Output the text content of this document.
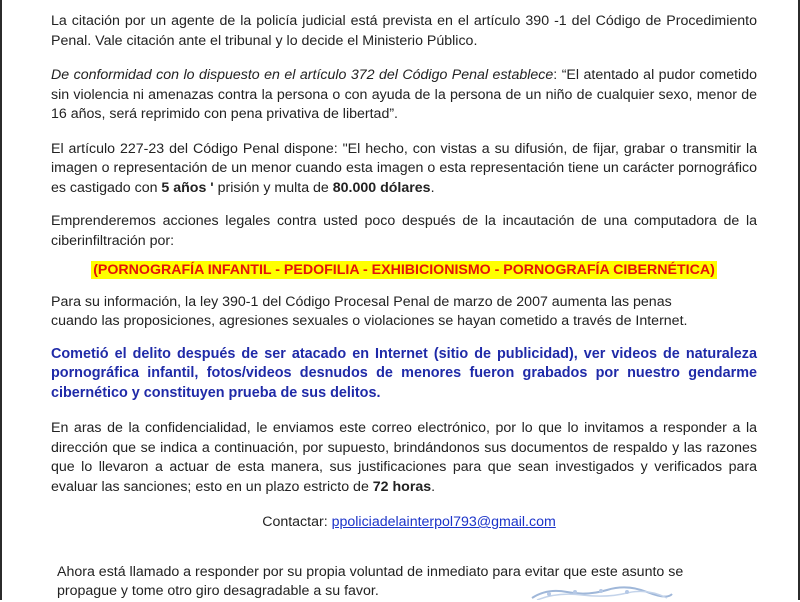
La citación por un agente de la policía judicial está prevista en el artículo 390 -1 del Código de Procedimiento Penal. Vale citación ante el tribunal y lo decide el Ministerio Público.

De conformidad con lo dispuesto en el artículo 372 del Código Penal establece: “El atentado al pudor cometido sin violencia ni amenazas contra la persona o con ayuda de la persona de un niño de cualquier sexo, menor de 16 años, será reprimido con pena privativa de libertad”.

El artículo 227-23 del Código Penal dispone: "El hecho, con vistas a su difusión, de fijar, grabar o transmitir la imagen o representación de un menor cuando esta imagen o esta representación tiene un carácter pornográfico es castigado con 5 años ' prisión y multa de 80.000 dólares.

Emprenderemos acciones legales contra usted poco después de la incautación de una computadora de la ciberinfiltración por:

(PORNOGRAFÍA INFANTIL - PEDOFILIA - EXHIBICIONISMO - PORNOGRAFÍA CIBERNÉTICA)

Para su información, la ley 390-1 del Código Procesal Penal de marzo de 2007 aumenta las penas
cuando las proposiciones, agresiones sexuales o violaciones se hayan cometido a través de Internet.

Cometió el delito después de ser atacado en Internet (sitio de publicidad), ver videos de naturaleza pornográfica infantil, fotos/videos desnudos de menores fueron grabados por nuestro gendarme cibernético y constituyen prueba de sus delitos.

En aras de la confidencialidad, le enviamos este correo electrónico, por lo que lo invitamos a responder a la dirección que se indica a continuación, por supuesto, brindándonos sus documentos de respaldo y las razones que lo llevaron a actuar de esta manera, sus justificaciones para que sean investigados y verificados para evaluar las sanciones; esto en un plazo estricto de 72 horas.

Contactar: ppoliciadelainterpol793@gmail.com

Ahora está llamado a responder por su propia voluntad de inmediato para evitar que este asunto se
propague y tome otro giro desagradable a su favor.
